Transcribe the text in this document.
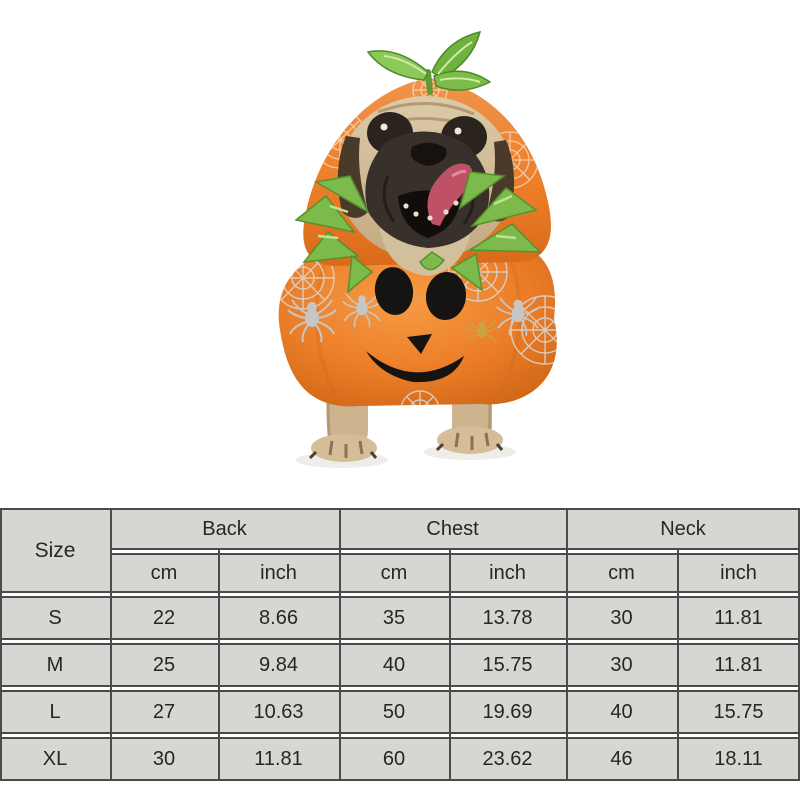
Size
Back	Chest	Neck
cm	inch	cm	inch	cm	inch
S	22	8.66	35	13.78	30	11.81
M	25	9.84	40	15.75	30	11.81
L	27	10.63	50	19.69	40	15.75
XL	30	11.81	60	23.62	46	18.11
